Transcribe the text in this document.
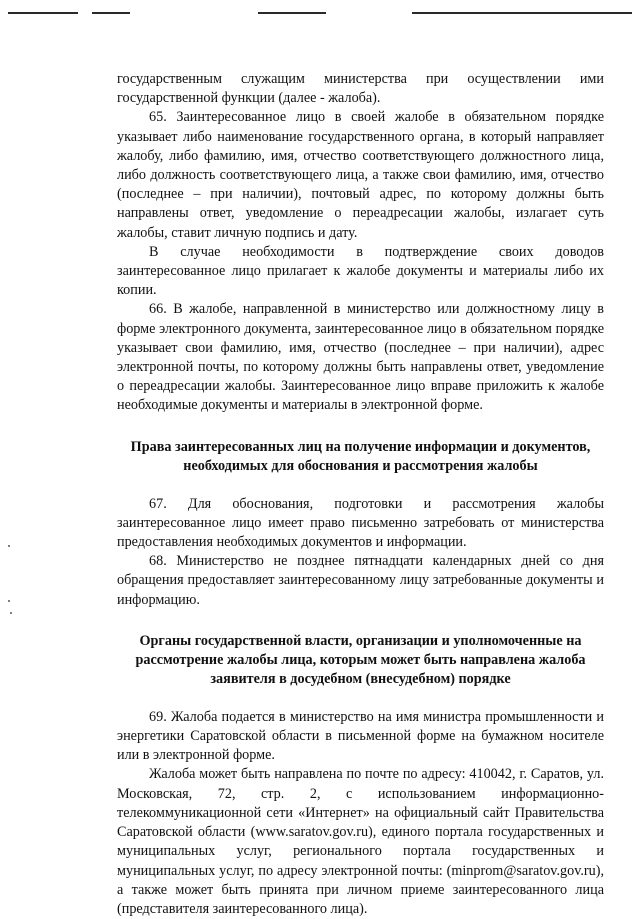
государственным служащим министерства при осуществлении ими государственной функции (далее - жалоба).

65. Заинтересованное лицо в своей жалобе в обязательном порядке указывает либо наименование государственного органа, в который направляет жалобу, либо фамилию, имя, отчество соответствующего должностного лица, либо должность соответствующего лица, а также свои фамилию, имя, отчество (последнее – при наличии), почтовый адрес, по которому должны быть направлены ответ, уведомление о переадресации жалобы, излагает суть жалобы, ставит личную подпись и дату.

В случае необходимости в подтверждение своих доводов заинтересованное лицо прилагает к жалобе документы и материалы либо их копии.

66. В жалобе, направленной в министерство или должностному лицу в форме электронного документа, заинтересованное лицо в обязательном порядке указывает свои фамилию, имя, отчество (последнее – при наличии), адрес электронной почты, по которому должны быть направлены ответ, уведомление о переадресации жалобы. Заинтересованное лицо вправе приложить к жалобе необходимые документы и материалы в электронной форме.

Права заинтересованных лиц на получение информации и документов, необходимых для обоснования и рассмотрения жалобы

67. Для обоснования, подготовки и рассмотрения жалобы заинтересованное лицо имеет право письменно затребовать от министерства предоставления необходимых документов и информации.

68. Министерство не позднее пятнадцати календарных дней со дня обращения предоставляет заинтересованному лицу затребованные документы и информацию.

Органы государственной власти, организации и уполномоченные на рассмотрение жалобы лица, которым может быть направлена жалоба заявителя в досудебном (внесудебном) порядке

69. Жалоба подается в министерство на имя министра промышленности и энергетики Саратовской области в письменной форме на бумажном носителе или в электронной форме.

Жалоба может быть направлена по почте по адресу: 410042, г. Саратов, ул. Московская, 72, стр. 2, с использованием информационно-телекоммуникационной сети «Интернет» на официальный сайт Правительства Саратовской области (www.saratov.gov.ru), единого портала государственных и муниципальных услуг, регионального портала государственных и муниципальных услуг, по адресу электронной почты: (minprom@saratov.gov.ru), а также может быть принята при личном приеме заинтересованного лица (представителя заинтересованного лица).
